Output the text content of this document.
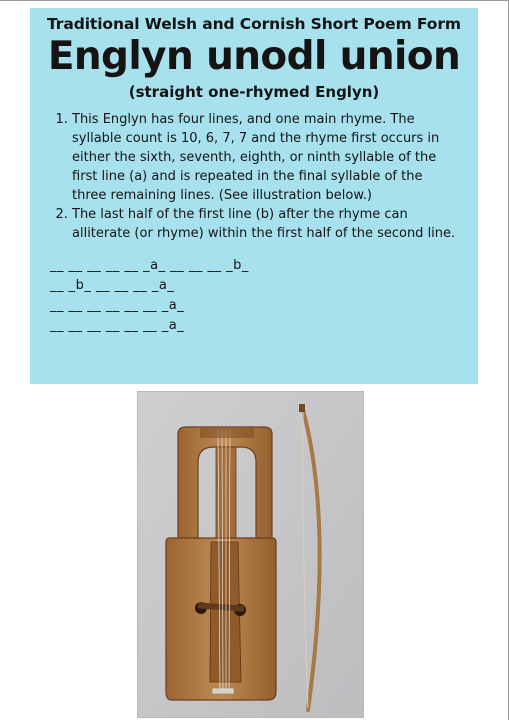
Traditional Welsh and Cornish Short Poem Form
Englyn unodl union
(straight one-rhymed Englyn)
1. This Englyn has four lines, and one main rhyme. The syllable count is 10, 6, 7, 7 and the rhyme first occurs in either the sixth, seventh, eighth, or ninth syllable of the first line (a) and is repeated in the final syllable of the three remaining lines. (See illustration below.)
2. The last half of the first line (b) after the rhyme can alliterate (or rhyme) within the first half of the second line.
__ __ __ __ __ _a_ __ __ __ _b_
__ _b_ __ __ __ _a_
__ __ __ __ __ __ _a_
__ __ __ __ __ __ _a_
